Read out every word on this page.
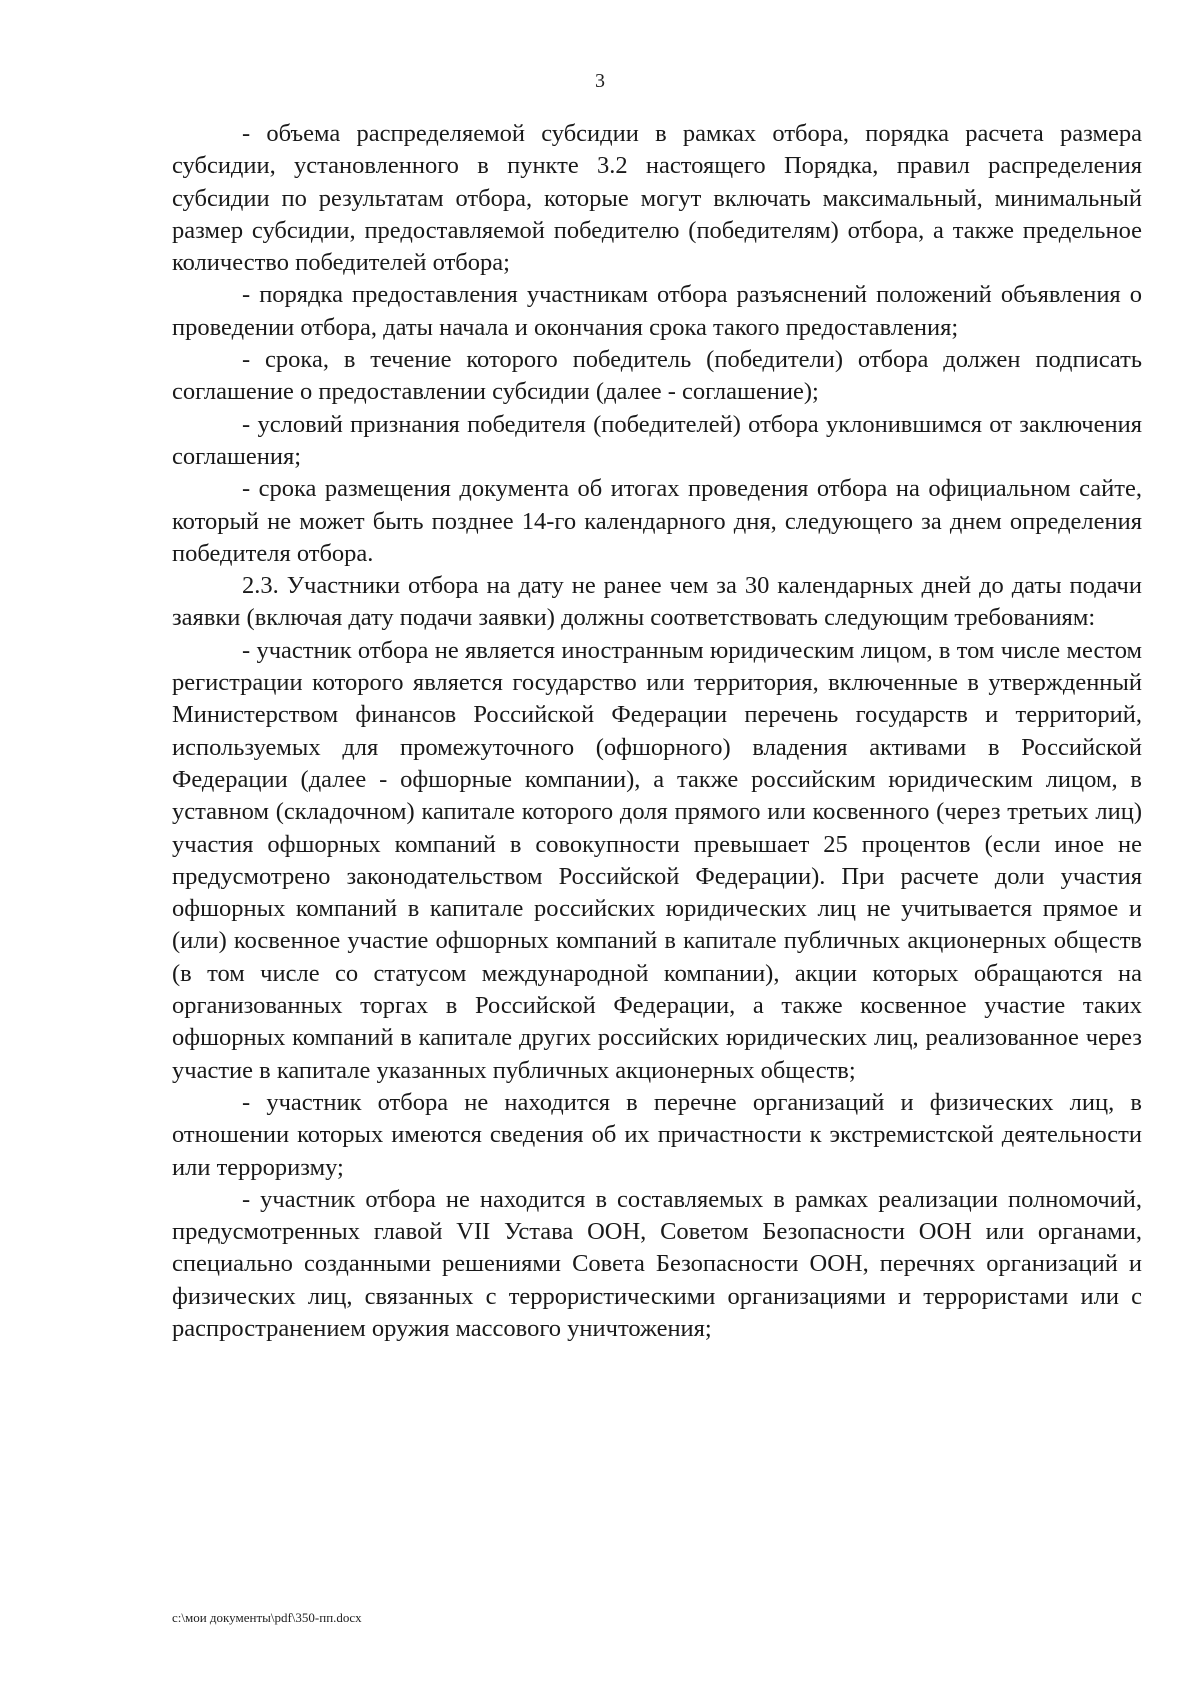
3

- объема распределяемой субсидии в рамках отбора, порядка расчета размера субсидии, установленного в пункте 3.2 настоящего Порядка, правил распределения субсидии по результатам отбора, которые могут включать максимальный, минимальный размер субсидии, предоставляемой победителю (победителям) отбора, а также предельное количество победителей отбора;

- порядка предоставления участникам отбора разъяснений положений объявления о проведении отбора, даты начала и окончания срока такого предоставления;

- срока, в течение которого победитель (победители) отбора должен подписать соглашение о предоставлении субсидии (далее - соглашение);

- условий признания победителя (победителей) отбора уклонившимся от заключения соглашения;

- срока размещения документа об итогах проведения отбора на официальном сайте, который не может быть позднее 14-го календарного дня, следующего за днем определения победителя отбора.

2.3. Участники отбора на дату не ранее чем за 30 календарных дней до даты подачи заявки (включая дату подачи заявки) должны соответствовать следующим требованиям:

- участник отбора не является иностранным юридическим лицом, в том числе местом регистрации которого является государство или территория, включенные в утвержденный Министерством финансов Российской Федерации перечень государств и территорий, используемых для промежуточного (офшорного) владения активами в Российской Федерации (далее - офшорные компании), а также российским юридическим лицом, в уставном (складочном) капитале которого доля прямого или косвенного (через третьих лиц) участия офшорных компаний в совокупности превышает 25 процентов (если иное не предусмотрено законодательством Российской Федерации). При расчете доли участия офшорных компаний в капитале российских юридических лиц не учитывается прямое и (или) косвенное участие офшорных компаний в капитале публичных акционерных обществ (в том числе со статусом международной компании), акции которых обращаются на организованных торгах в Российской Федерации, а также косвенное участие таких офшорных компаний в капитале других российских юридических лиц, реализованное через участие в капитале указанных публичных акционерных обществ;

- участник отбора не находится в перечне организаций и физических лиц, в отношении которых имеются сведения об их причастности к экстремистской деятельности или терроризму;

- участник отбора не находится в составляемых в рамках реализации полномочий, предусмотренных главой VII Устава ООН, Советом Безопасности ООН или органами, специально созданными решениями Совета Безопасности ООН, перечнях организаций и физических лиц, связанных с террористическими организациями и террористами или с распространением оружия массового уничтожения;

c:\мои документы\pdf\350-пп.docx
